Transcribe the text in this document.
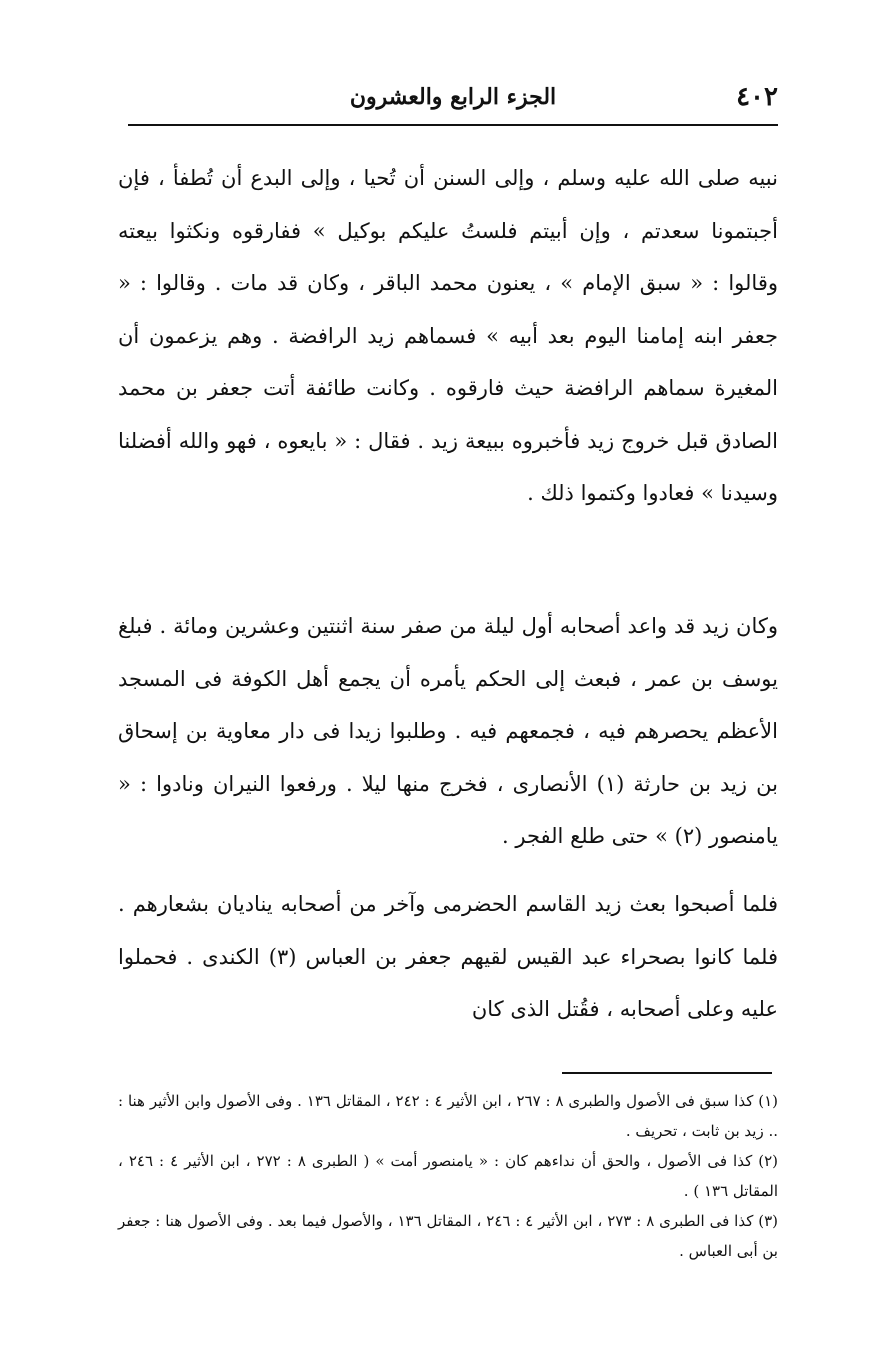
٤٠٢
الجزء الرابع والعشرون

نبيه صلى الله عليه وسلم ، وإلى السنن أن تُحيا ، وإلى البدع أن تُطفأ ، فإن أجبتمونا سعدتم ، وإن أبيتم فلستُ عليكم بوكيل » ففارقوه ونكثوا بيعته وقالوا : « سبق الإمام » ، يعنون محمد الباقر ، وكان قد مات . وقالوا : « جعفر ابنه إمامنا اليوم بعد أبيه » فسماهم زيد الرافضة . وهم يزعمون أن المغيرة سماهم الرافضة حيث فارقوه . وكانت طائفة أتت جعفر بن محمد الصادق قبل خروج زيد فأخبروه ببيعة زيد . فقال : « بايعوه ، فهو والله أفضلنا وسيدنا » فعادوا وكتموا ذلك .

وكان زيد قد واعد أصحابه أول ليلة من صفر سنة اثنتين وعشرين ومائة . فبلغ يوسف بن عمر ، فبعث إلى الحكم يأمره أن يجمع أهل الكوفة فى المسجد الأعظم يحصرهم فيه ، فجمعهم فيه . وطلبوا زيدا فى دار معاوية بن إسحاق بن زيد بن حارثة (١) الأنصارى ، فخرج منها ليلا . ورفعوا النيران ونادوا : « يامنصور (٢) » حتى طلع الفجر .

فلما أصبحوا بعث زيد القاسم الحضرمى وآخر من أصحابه يناديان بشعارهم . فلما كانوا بصحراء عبد القيس لقيهم جعفر بن العباس (٣) الكندى . فحملوا عليه وعلى أصحابه ، فقُتل الذى كان

(١) كذا سبق فى الأصول والطبرى ٨ : ٢٦٧ ، ابن الأثير ٤ : ٢٤٢ ، المقاتل ١٣٦ . وفى الأصول وابن الأثير هنا : .. زيد بن ثابت ، تحريف .

(٢) كذا فى الأصول ، والحق أن نداءهم كان : « يامنصور أمت » ( الطبرى ٨ : ٢٧٢ ، ابن الأثير ٤ : ٢٤٦ ، المقاتل ١٣٦ ) .

(٣) كذا فى الطبرى ٨ : ٢٧٣ ، ابن الأثير ٤ : ٢٤٦ ، المقاتل ١٣٦ ، والأصول فيما بعد . وفى الأصول هنا : جعفر بن أبى العباس .
